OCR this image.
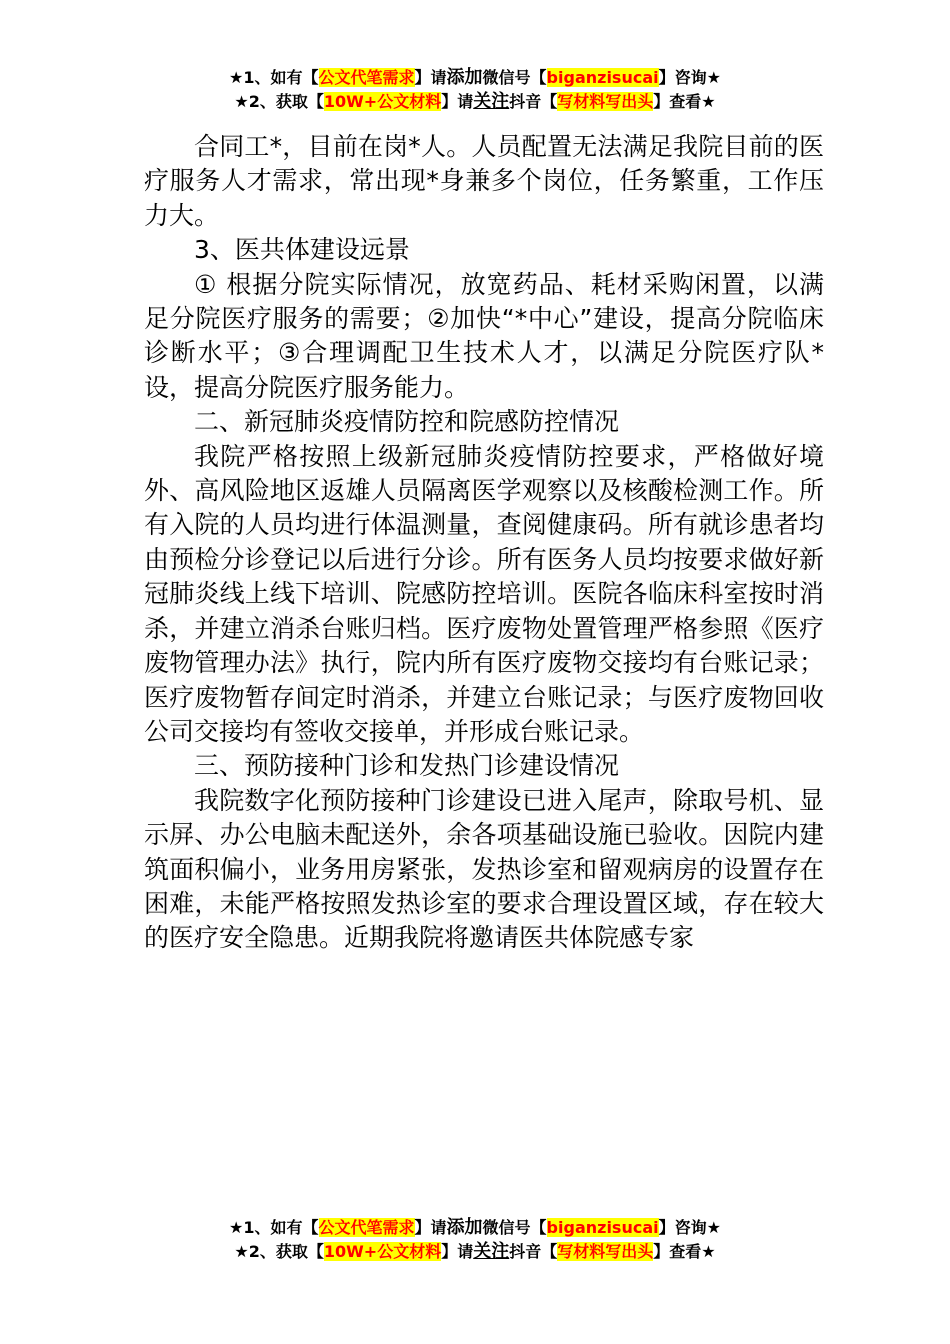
★1、如有【公文代笔需求】请添加微信号【biganzisucai】咨询★
★2、获取【10W+公文材料】请关注抖音【写材料写出头】查看★

合同工*，目前在岗*人。人员配置无法满足我院目前的医疗服务人才需求，常出现*身兼多个岗位，任务繁重，工作压力大。

3、医共体建设远景

① 根据分院实际情况，放宽药品、耗材采购闲置，以满足分院医疗服务的需要；②加快“*中心”建设，提高分院临床诊断水平；③合理调配卫生技术人才，以满足分院医疗队*设，提高分院医疗服务能力。

二、新冠肺炎疫情防控和院感防控情况

我院严格按照上级新冠肺炎疫情防控要求，严格做好境外、高风险地区返雄人员隔离医学观察以及核酸检测工作。所有入院的人员均进行体温测量，查阅健康码。所有就诊患者均由预检分诊登记以后进行分诊。所有医务人员均按要求做好新冠肺炎线上线下培训、院感防控培训。医院各临床科室按时消杀，并建立消杀台账归档。医疗废物处置管理严格参照《医疗废物管理办法》执行，院内所有医疗废物交接均有台账记录；医疗废物暂存间定时消杀，并建立台账记录；与医疗废物回收公司交接均有签收交接单，并形成台账记录。

三、预防接种门诊和发热门诊建设情况

我院数字化预防接种门诊建设已进入尾声，除取号机、显示屏、办公电脑未配送外，余各项基础设施已验收。因院内建筑面积偏小，业务用房紧张，发热诊室和留观病房的设置存在困难，未能严格按照发热诊室的要求合理设置区域，存在较大的医疗安全隐患。近期我院将邀请医共体院感专家

★1、如有【公文代笔需求】请添加微信号【biganzisucai】咨询★
★2、获取【10W+公文材料】请关注抖音【写材料写出头】查看★
